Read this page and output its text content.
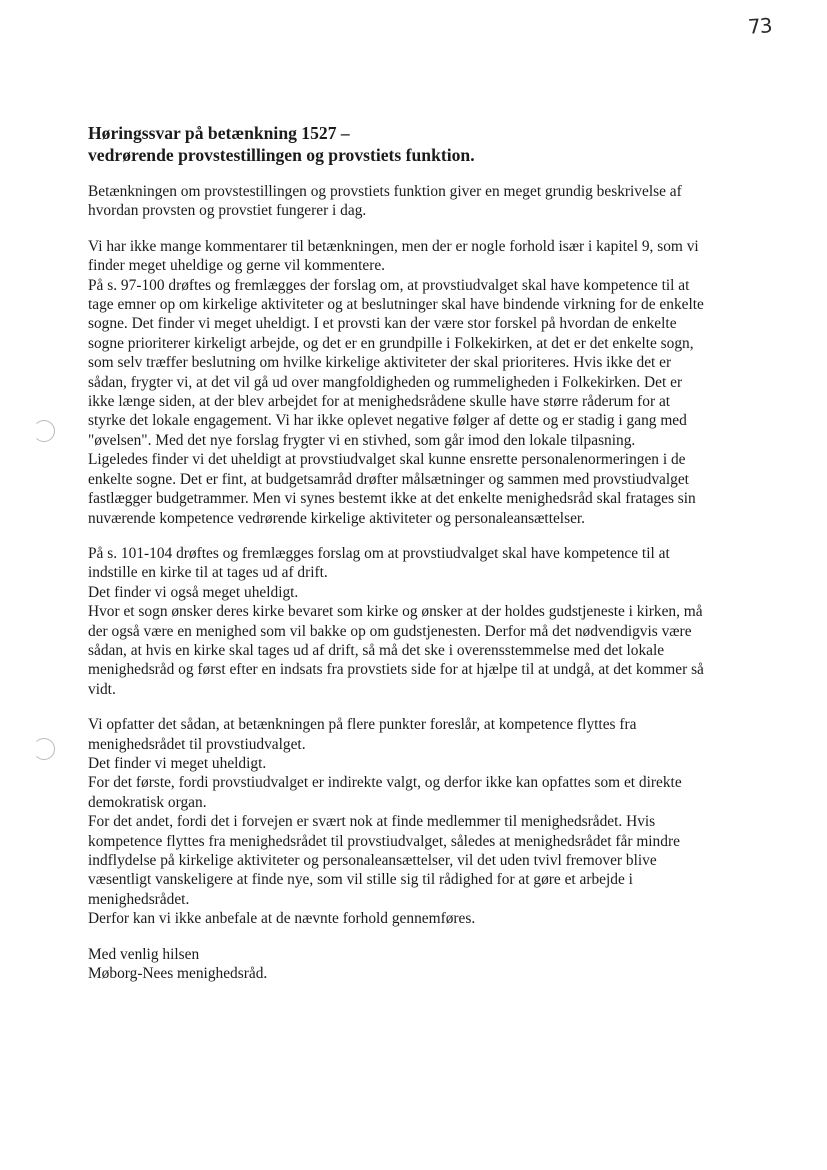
73
Høringssvar på betænkning 1527 –
vedrørende provstestillingen og provstiets funktion.
Betænkningen om provstestillingen og provstiets funktion giver en meget grundig beskrivelse af
hvordan provsten og provstiet fungerer i dag.
Vi har ikke mange kommentarer til betænkningen, men der er nogle forhold især i kapitel 9, som vi
finder meget uheldige og gerne vil kommentere.
På s. 97-100 drøftes og fremlægges der forslag om, at provstiudvalget skal have kompetence til at
tage emner op om kirkelige aktiviteter og at beslutninger skal have bindende virkning for de enkelte
sogne. Det finder vi meget uheldigt. I et provsti kan der være stor forskel på hvordan de enkelte
sogne prioriterer kirkeligt arbejde, og det er en grundpille i Folkekirken, at det er det enkelte sogn,
som selv træffer beslutning om hvilke kirkelige aktiviteter der skal prioriteres. Hvis ikke det er
sådan, frygter vi, at det vil gå ud over mangfoldigheden og rummeligheden i Folkekirken. Det er
ikke længe siden, at der blev arbejdet for at menighedsrådene skulle have større råderum for at
styrke det lokale engagement. Vi har ikke oplevet negative følger af dette og er stadig i gang med
"øvelsen". Med det nye forslag frygter vi en stivhed, som går imod den lokale tilpasning.
Ligeledes finder vi det uheldigt at provstiudvalget skal kunne ensrette personalenormeringen i de
enkelte sogne. Det er fint, at budgetsamråd drøfter målsætninger og sammen med provstiudvalget
fastlægger budgetrammer. Men vi synes bestemt ikke at det enkelte menighedsråd skal fratages sin
nuværende kompetence vedrørende kirkelige aktiviteter og personaleansættelser.
På s. 101-104 drøftes og fremlægges forslag om at provstiudvalget skal have kompetence til at
indstille en kirke til at tages ud af drift.
Det finder vi også meget uheldigt.
Hvor et sogn ønsker deres kirke bevaret som kirke og ønsker at der holdes gudstjeneste i kirken, må
der også være en menighed som vil bakke op om gudstjenesten. Derfor må det nødvendigvis være
sådan, at hvis en kirke skal tages ud af drift, så må det ske i overensstemmelse med det lokale
menighedsråd og først efter en indsats fra provstiets side for at hjælpe til at undgå, at det kommer så
vidt.
Vi opfatter det sådan, at betænkningen på flere punkter foreslår, at kompetence flyttes fra
menighedsrådet til provstiudvalget.
Det finder vi meget uheldigt.
For det første, fordi provstiudvalget er indirekte valgt, og derfor ikke kan opfattes som et direkte
demokratisk organ.
For det andet, fordi det i forvejen er svært nok at finde medlemmer til menighedsrådet. Hvis
kompetence flyttes fra menighedsrådet til provstiudvalget, således at menighedsrådet får mindre
indflydelse på kirkelige aktiviteter og personaleansættelser, vil det uden tvivl fremover blive
væsentligt vanskeligere at finde nye, som vil stille sig til rådighed for at gøre et arbejde i
menighedsrådet.
Derfor kan vi ikke anbefale at de nævnte forhold gennemføres.
Med venlig hilsen
Møborg-Nees menighedsråd.
